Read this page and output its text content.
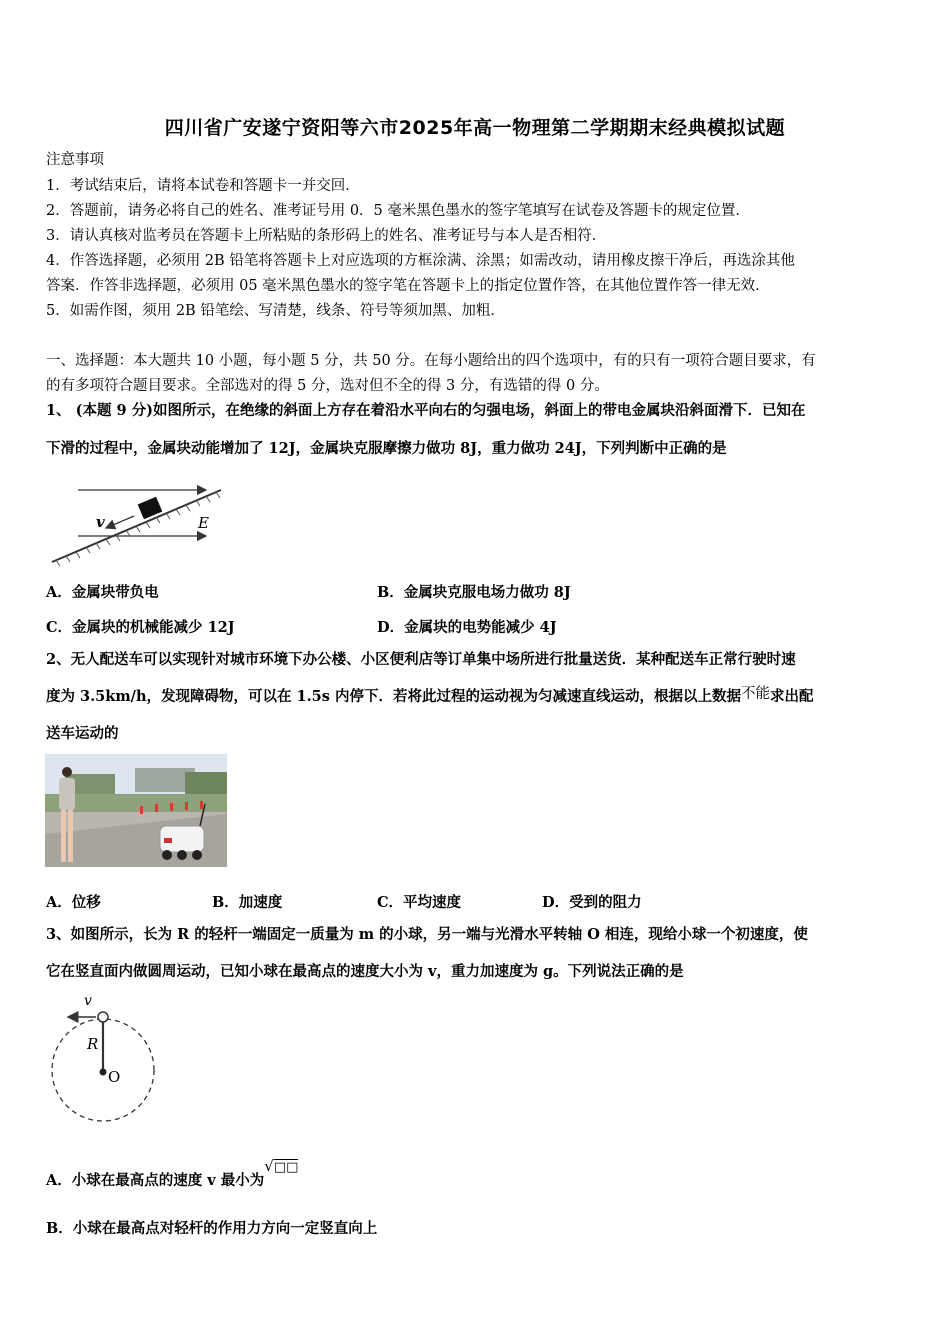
四川省广安遂宁资阳等六市2025年高一物理第二学期期末经典模拟试题
注意事项
1．考试结束后，请将本试卷和答题卡一并交回．
2．答题前，请务必将自己的姓名、准考证号用 0．5 毫米黑色墨水的签字笔填写在试卷及答题卡的规定位置．
3．请认真核对监考员在答题卡上所粘贴的条形码上的姓名、准考证号与本人是否相符．
4．作答选择题，必须用 2B 铅笔将答题卡上对应选项的方框涂满、涂黑；如需改动，请用橡皮擦干净后，再选涂其他
答案．作答非选择题，必须用 05 毫米黑色墨水的签字笔在答题卡上的指定位置作答，在其他位置作答一律无效．
5．如需作图，须用 2B 铅笔绘、写清楚，线条、符号等须加黑、加粗．
一、选择题：本大题共 10 小题，每小题 5 分，共 50 分。在每小题给出的四个选项中，有的只有一项符合题目要求，有
的有多项符合题目要求。全部选对的得 5 分，选对但不全的得 3 分，有选错的得 0 分。
1、 (本题 9 分)如图所示，在绝缘的斜面上方存在着沿水平向右的匀强电场，斜面上的带电金属块沿斜面滑下．已知在
下滑的过程中，金属块动能增加了 12J，金属块克服摩擦力做功 8J，重力做功 24J，下列判断中正确的是
v	E
A．金属块带负电	B．金属块克服电场力做功 8J
C．金属块的机械能减少 12J	D．金属块的电势能减少 4J
2、无人配送车可以实现针对城市环境下办公楼、小区便利店等订单集中场所进行批量送货．某种配送车正常行驶时速
度为 3.5km/h，发现障碍物，可以在 1.5s 内停下．若将此过程的运动视为匀减速直线运动，根据以上数据不能求出配
送车运动的
A．位移	B．加速度	C．平均速度	D．受到的阻力
3、如图所示，长为 R 的轻杆一端固定一质量为 m 的小球，另一端与光滑水平转轴 O 相连，现给小球一个初速度，使
它在竖直面内做圆周运动，已知小球在最高点的速度大小为 v，重力加速度为 g。下列说法正确的是
v
R
O
A．小球在最高点的速度 v 最小为√□□
B．小球在最高点对轻杆的作用力方向一定竖直向上
